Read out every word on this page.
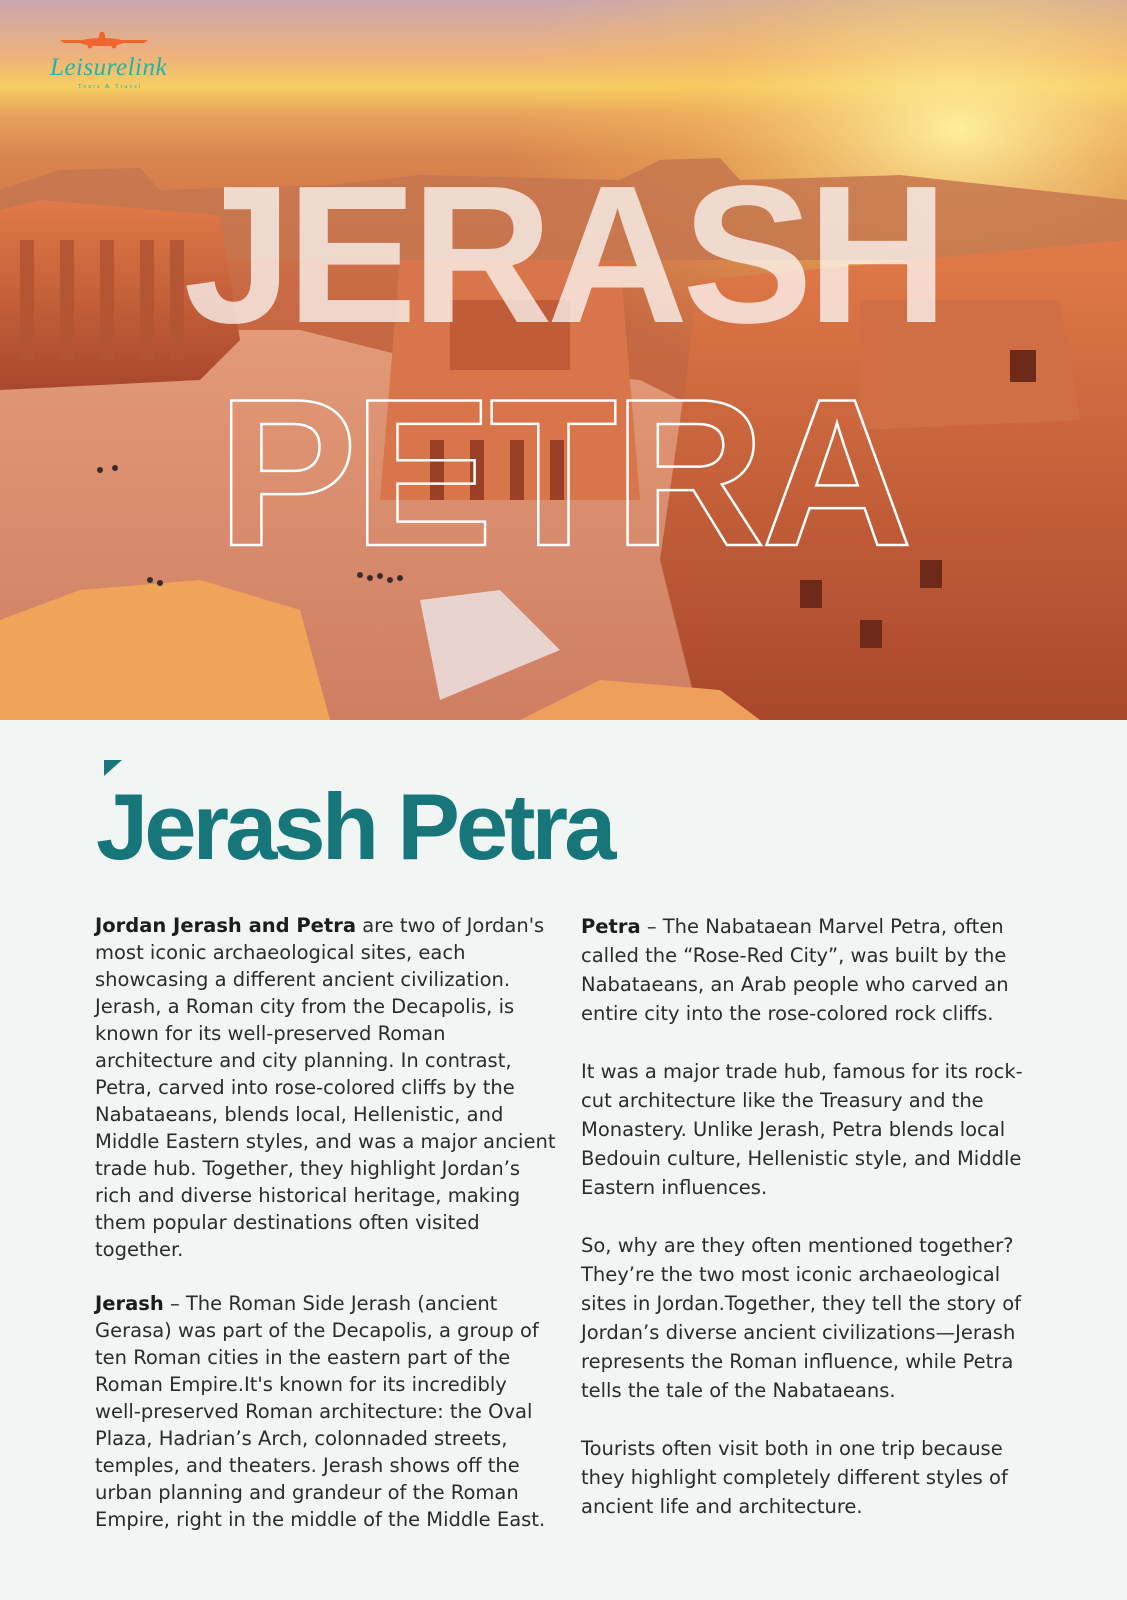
JERASH
PETRA
Leisurelink
Tours & Travel
Jerash Petra

Jordan Jerash and Petra are two of Jordan's most iconic archaeological sites, each showcasing a different ancient civilization. Jerash, a Roman city from the Decapolis, is known for its well-preserved Roman architecture and city planning. In contrast, Petra, carved into rose-colored cliffs by the Nabataeans, blends local, Hellenistic, and Middle Eastern styles, and was a major ancient trade hub. Together, they highlight Jordan’s rich and diverse historical heritage, making them popular destinations often visited together.

Jerash – The Roman Side Jerash (ancient Gerasa) was part of the Decapolis, a group of ten Roman cities in the eastern part of the Roman Empire.It's known for its incredibly well-preserved Roman architecture: the Oval Plaza, Hadrian’s Arch, colonnaded streets, temples, and theaters. Jerash shows off the urban planning and grandeur of the Roman Empire, right in the middle of the Middle East.

Petra – The Nabataean Marvel Petra, often called the “Rose-Red City”, was built by the Nabataeans, an Arab people who carved an entire city into the rose-colored rock cliffs.

It was a major trade hub, famous for its rock-cut architecture like the Treasury and the Monastery. Unlike Jerash, Petra blends local Bedouin culture, Hellenistic style, and Middle Eastern influences.

So, why are they often mentioned together? They’re the two most iconic archaeological sites in Jordan.Together, they tell the story of Jordan’s diverse ancient civilizations—Jerash represents the Roman influence, while Petra tells the tale of the Nabataeans.

Tourists often visit both in one trip because they highlight completely different styles of ancient life and architecture.
